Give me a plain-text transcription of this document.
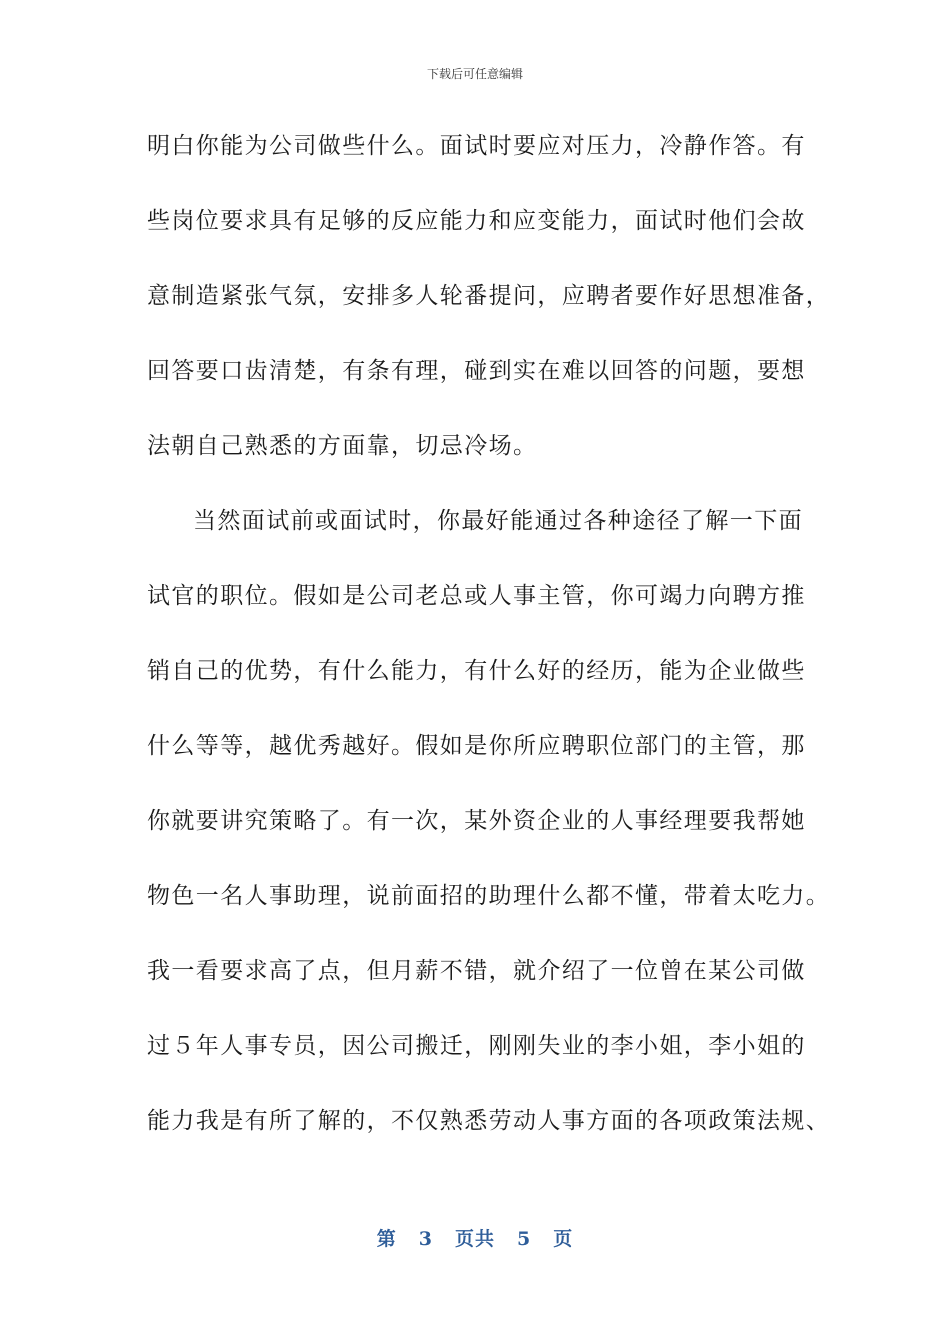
下载后可任意编辑
明白你能为公司做些什么。面试时要应对压力，冷静作答。有
些岗位要求具有足够的反应能力和应变能力，面试时他们会故
意制造紧张气氛，安排多人轮番提问，应聘者要作好思想准备，
回答要口齿清楚，有条有理，碰到实在难以回答的问题，要想
法朝自己熟悉的方面靠，切忌冷场。
当然面试前或面试时，你最好能通过各种途径了解一下面
试官的职位。假如是公司老总或人事主管，你可竭力向聘方推
销自己的优势，有什么能力，有什么好的经历，能为企业做些
什么等等，越优秀越好。假如是你所应聘职位部门的主管，那
你就要讲究策略了。有一次，某外资企业的人事经理要我帮她
物色一名人事助理，说前面招的助理什么都不懂，带着太吃力。
我一看要求高了点，但月薪不错，就介绍了一位曾在某公司做
过５年人事专员，因公司搬迁，刚刚失业的李小姐，李小姐的
能力我是有所了解的，不仅熟悉劳动人事方面的各项政策法规、
第 3 页共 5 页
